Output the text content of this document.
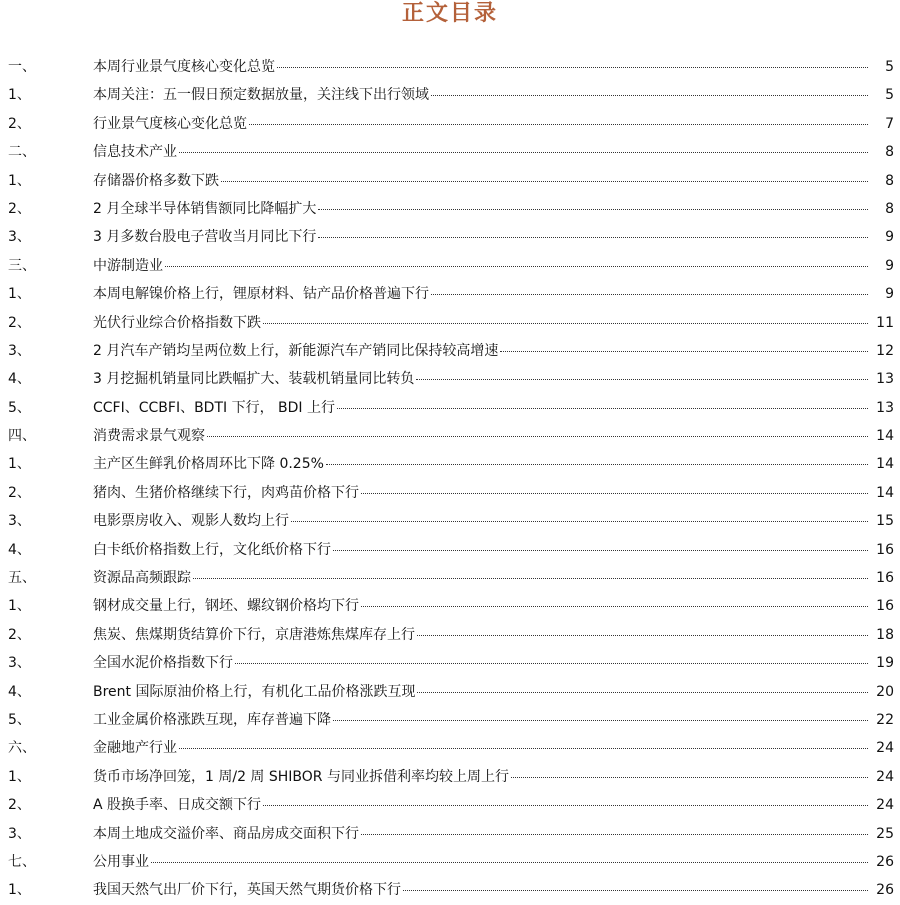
正文目录
一、	本周行业景气度核心变化总览	5
1、	本周关注：五一假日预定数据放量，关注线下出行领域	5
2、	行业景气度核心变化总览	7
二、	信息技术产业	8
1、	存储器价格多数下跌	8
2、	2 月全球半导体销售额同比降幅扩大	8
3、	3 月多数台股电子营收当月同比下行	9
三、	中游制造业	9
1、	本周电解镍价格上行，锂原材料、钴产品价格普遍下行	9
2、	光伏行业综合价格指数下跌	11
3、	2 月汽车产销均呈两位数上行，新能源汽车产销同比保持较高增速	12
4、	3 月挖掘机销量同比跌幅扩大、装载机销量同比转负	13
5、	CCFI、CCBFI、BDTI 下行， BDI 上行	13
四、	消费需求景气观察	14
1、	主产区生鲜乳价格周环比下降 0.25%	14
2、	猪肉、生猪价格继续下行，肉鸡苗价格下行	14
3、	电影票房收入、观影人数均上行	15
4、	白卡纸价格指数上行，文化纸价格下行	16
五、	资源品高频跟踪	16
1、	钢材成交量上行，钢坯、螺纹钢价格均下行	16
2、	焦炭、焦煤期货结算价下行，京唐港炼焦煤库存上行	18
3、	全国水泥价格指数下行	19
4、	Brent 国际原油价格上行，有机化工品价格涨跌互现	20
5、	工业金属价格涨跌互现，库存普遍下降	22
六、	金融地产行业	24
1、	货币市场净回笼，1 周/2 周 SHIBOR 与同业拆借利率均较上周上行	24
2、	A 股换手率、日成交额下行	24
3、	本周土地成交溢价率、商品房成交面积下行	25
七、	公用事业	26
1、	我国天然气出厂价下行，英国天然气期货价格下行	26
